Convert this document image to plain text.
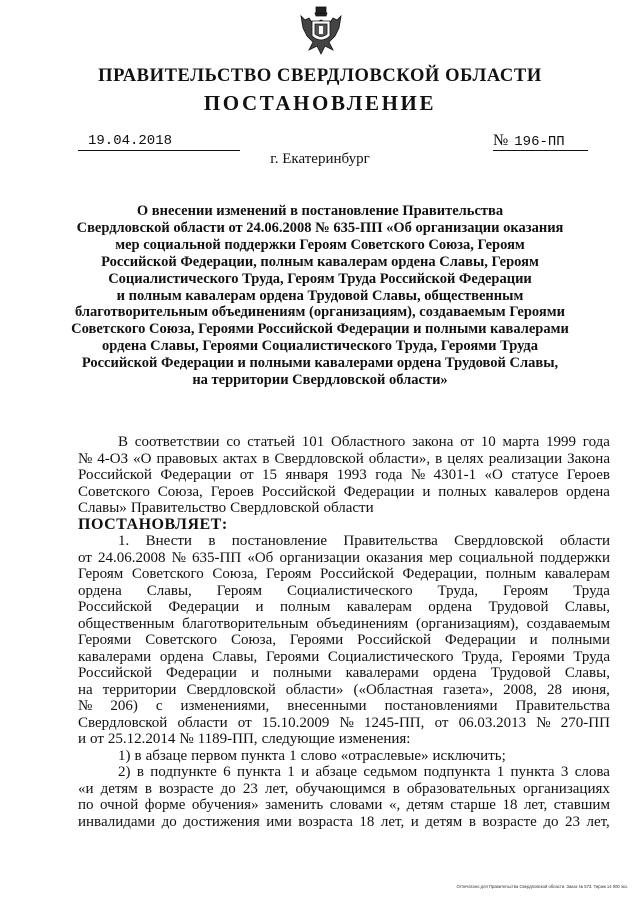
ПРАВИТЕЛЬСТВО СВЕРДЛОВСКОЙ ОБЛАСТИ
ПОСТАНОВЛЕНИЕ
19.04.2018	№ 196-ПП
г. Екатеринбург
О внесении изменений в постановление Правительства
Свердловской области от 24.06.2008 № 635-ПП «Об организации оказания
мер социальной поддержки Героям Советского Союза, Героям
Российской Федерации, полным кавалерам ордена Славы, Героям
Социалистического Труда, Героям Труда Российской Федерации
и полным кавалерам ордена Трудовой Славы, общественным
благотворительным объединениям (организациям), создаваемым Героями
Советского Союза, Героями Российской Федерации и полными кавалерами
ордена Славы, Героями Социалистического Труда, Героями Труда
Российской Федерации и полными кавалерами ордена Трудовой Славы,
на территории Свердловской области»
В соответствии со статьей 101 Областного закона от 10 марта 1999 года
№ 4-ОЗ «О правовых актах в Свердловской области», в целях реализации Закона
Российской Федерации от 15 января 1993 года № 4301-1 «О статусе Героев
Советского Союза, Героев Российской Федерации и полных кавалеров ордена
Славы» Правительство Свердловской области
ПОСТАНОВЛЯЕТ:
1. Внести в постановление Правительства Свердловской области
от 24.06.2008 № 635-ПП «Об организации оказания мер социальной поддержки
Героям Советского Союза, Героям Российской Федерации, полным кавалерам
ордена Славы, Героям Социалистического Труда, Героям Труда
Российской Федерации и полным кавалерам ордена Трудовой Славы,
общественным благотворительным объединениям (организациям), создаваемым
Героями Советского Союза, Героями Российской Федерации и полными
кавалерами ордена Славы, Героями Социалистического Труда, Героями Труда
Российской Федерации и полными кавалерами ордена Трудовой Славы,
на территории Свердловской области» («Областная газета», 2008, 28 июня,
№ 206) с изменениями, внесенными постановлениями Правительства
Свердловской области от 15.10.2009 № 1245-ПП, от 06.03.2013 № 270-ПП
и от 25.12.2014 № 1189-ПП, следующие изменения:
1) в абзаце первом пункта 1 слово «отраслевые» исключить;
2) в подпункте 6 пункта 1 и абзаце седьмом подпункта 1 пункта 3 слова
«и детям в возрасте до 23 лет, обучающимся в образовательных организациях
по очной форме обучения» заменить словами «, детям старше 18 лет, ставшим
инвалидами до достижения ими возраста 18 лет, и детям в возрасте до 23 лет,
Отпечатано для Правительства Свердловской области. Заказ № 573. Тираж 14 000 экз.
